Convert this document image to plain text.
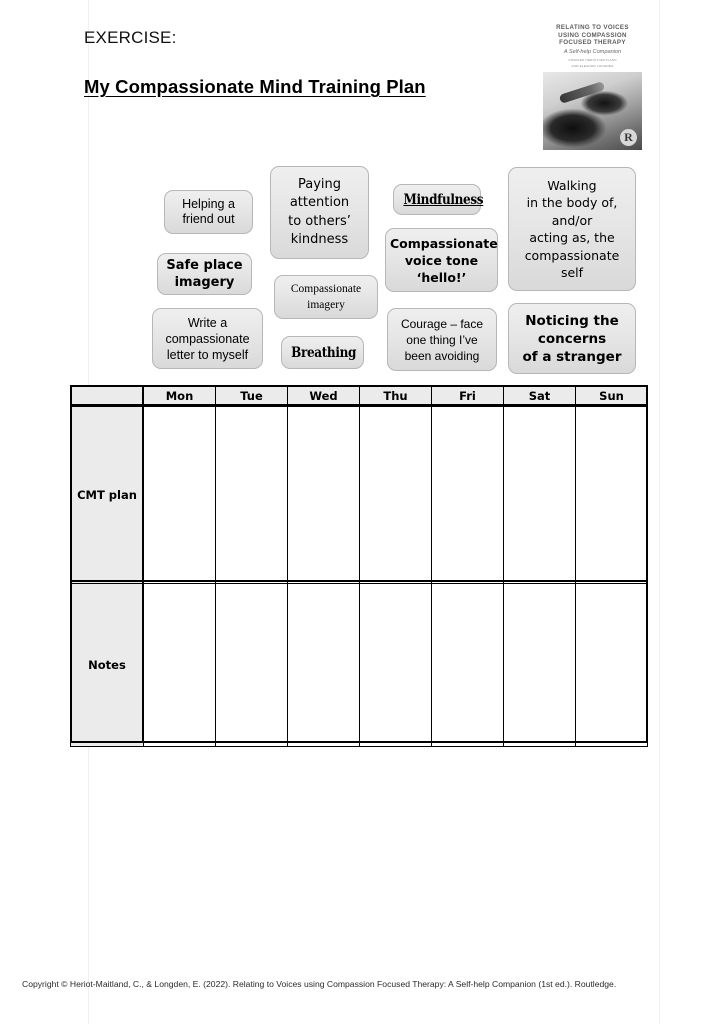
EXERCISE:
My Compassionate Mind Training Plan
RELATING TO VOICES
USING COMPASSION
FOCUSED THERAPY
A Self-help Companion
CHARLES HERIOT-MAITLAND
AND ELEANOR LONGDEN
R
Helping a
friend out
Paying
attention
to others’
kindness
Mindfulness
Walking
in the body of,
and/or
acting as, the
compassionate
self
Safe place
imagery
Compassionate
voice tone
‘hello!’
Compassionate
imagery
Write a
compassionate
letter to myself	Breathing
Courage – face
one thing I’ve
been avoiding
Noticing the
concerns
of a stranger
	Mon	Tue	Wed	Thu	Fri	Sat	Sun
CMT plan							
Notes							
Copyright © Heriot-Maitland, C., & Longden, E. (2022). Relating to Voices using Compassion Focused Therapy: A Self-help Companion (1st ed.). Routledge.
